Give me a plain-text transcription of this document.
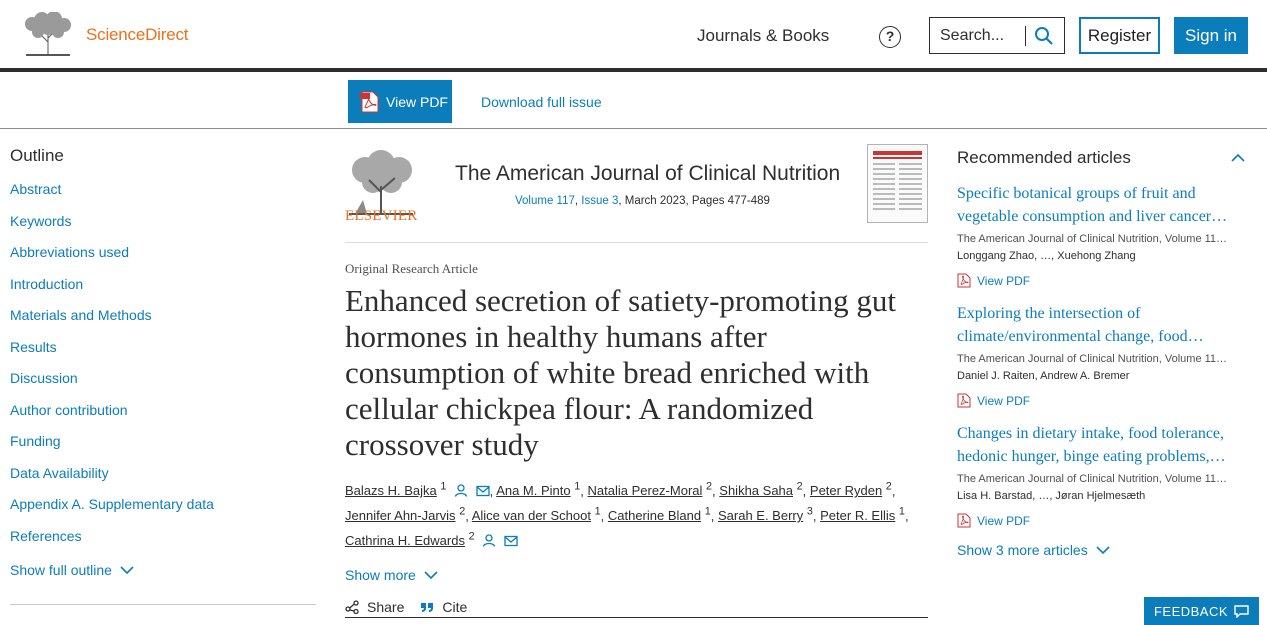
ScienceDirect	Journals & Books	?
Search...	Register	Sign in
View PDF Download full issue
Outline
Abstract
Keywords
Abbreviations used
Introduction
Materials and Methods
Results
Discussion
Author contribution
Funding
Data Availability
Appendix A. Supplementary data
References
Show full outline
ELSEVIER
The American Journal of Clinical Nutrition
Volume 117, Issue 3, March 2023, Pages 477-489
Original Research Article
Enhanced secretion of satiety-promoting gut hormones in healthy humans after consumption of white bread enriched with cellular chickpea flour: A randomized crossover study
Balazs H. Bajka $^1$	, Ana M. Pinto $^1$, Natalia Perez-Moral $^2$, Shikha Saha $^2$, Peter Ryden $^2$, Jennifer Ahn-Jarvis $^2$, Alice van der Schoot $^1$, Catherine Bland $^1$, Sarah E. Berry $^3$, Peter R. Ellis $^1$, Cathrina H. Edwards $^2$
Show more
Share	Cite
Recommended articles
Specific botanical groups of fruit and vegetable consumption and liver cancer…
The American Journal of Clinical Nutrition, Volume 11…
Longgang Zhao, …, Xuehong Zhang
View PDF
Exploring the intersection of climate/environmental change, food…
The American Journal of Clinical Nutrition, Volume 11…
Daniel J. Raiten, Andrew A. Bremer
View PDF
Changes in dietary intake, food tolerance, hedonic hunger, binge eating problems,…
The American Journal of Clinical Nutrition, Volume 11…
Lisa H. Barstad, …, Jøran Hjelmesæth
View PDF
Show 3 more articles
FEEDBACK
